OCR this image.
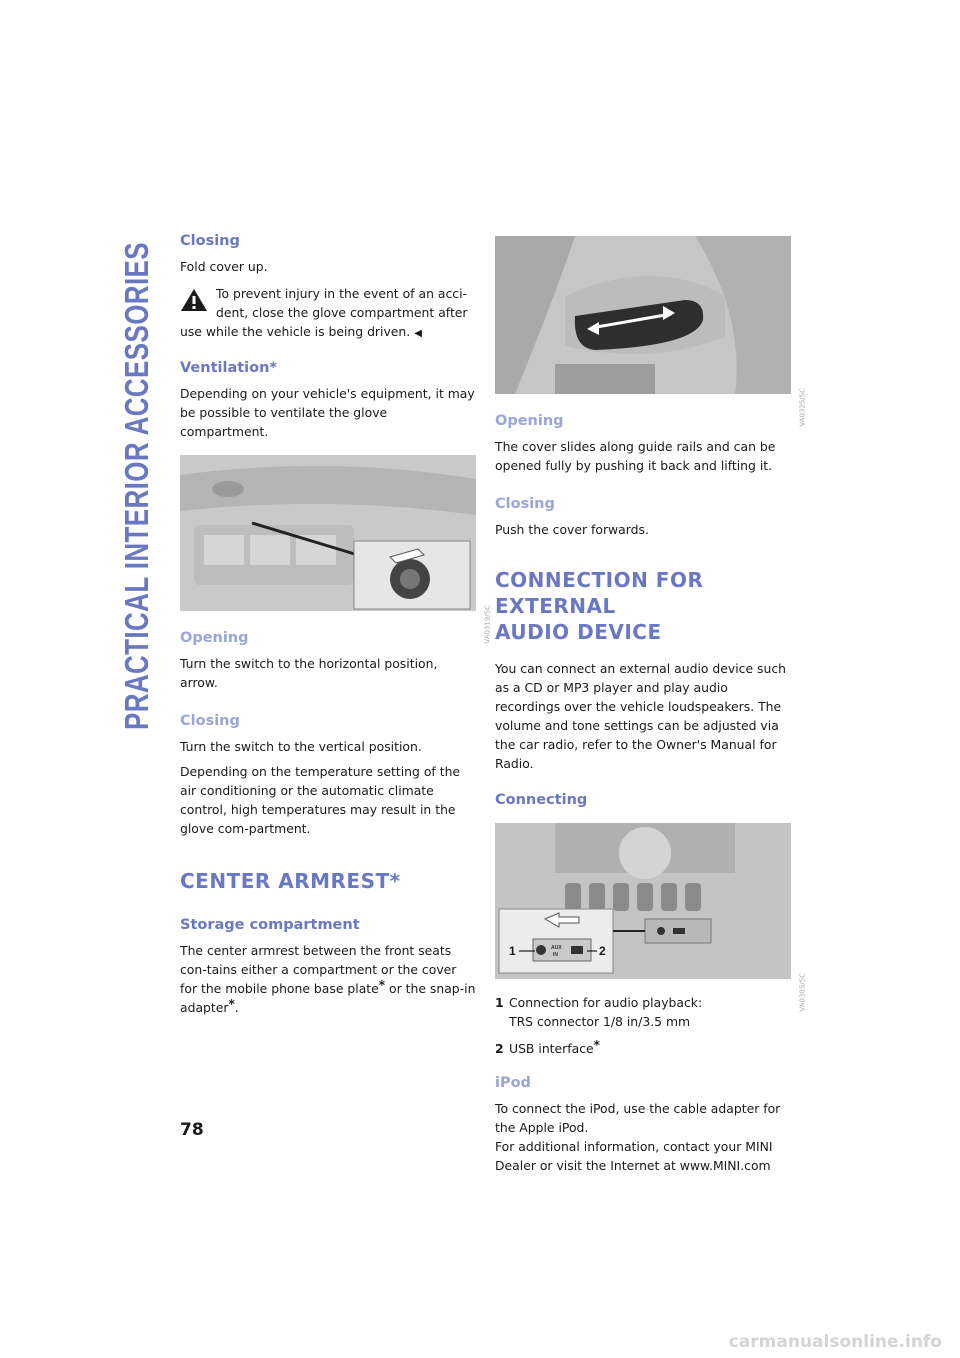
PRACTICAL INTERIOR ACCESSORIES Closing
Fold cover up.
To prevent injury in the event of an acci-
dent, close the glove compartment after
use while the vehicle is being driven. ◀
Ventilation*
Depending on your vehicle's equipment, it may be possible to ventilate the glove compartment.
VA0319/SC
Opening
Turn the switch to the horizontal position, arrow.
Closing
Turn the switch to the vertical position.
Depending on the temperature setting of the air conditioning or the automatic climate control, high temperatures may result in the glove com-partment.
CENTER ARMREST*
Storage compartment
The center armrest between the front seats con-tains either a compartment or the cover for the mobile phone base plate* or the snap-in adapter*.
VA0325/SC
Opening
The cover slides along guide rails and can be opened fully by pushing it back and lifting it.
Closing
Push the cover forwards.
CONNECTION FOR EXTERNAL
AUDIO DEVICE
You can connect an external audio device such as a CD or MP3 player and play audio recordings over the vehicle loudspeakers. The volume and tone settings can be adjusted via the car radio, refer to the Owner's Manual for Radio.
Connecting
AUX
IN
1	2
VA0305/SC
1 Connection for audio playback:
TRS connector 1/8 in/3.5 mm
2 USB interface*
iPod
To connect the iPod, use the cable adapter for
the Apple iPod.
For additional information, contact your MINI
Dealer or visit the Internet at www.MINI.com
78
carmanualsonline.info
